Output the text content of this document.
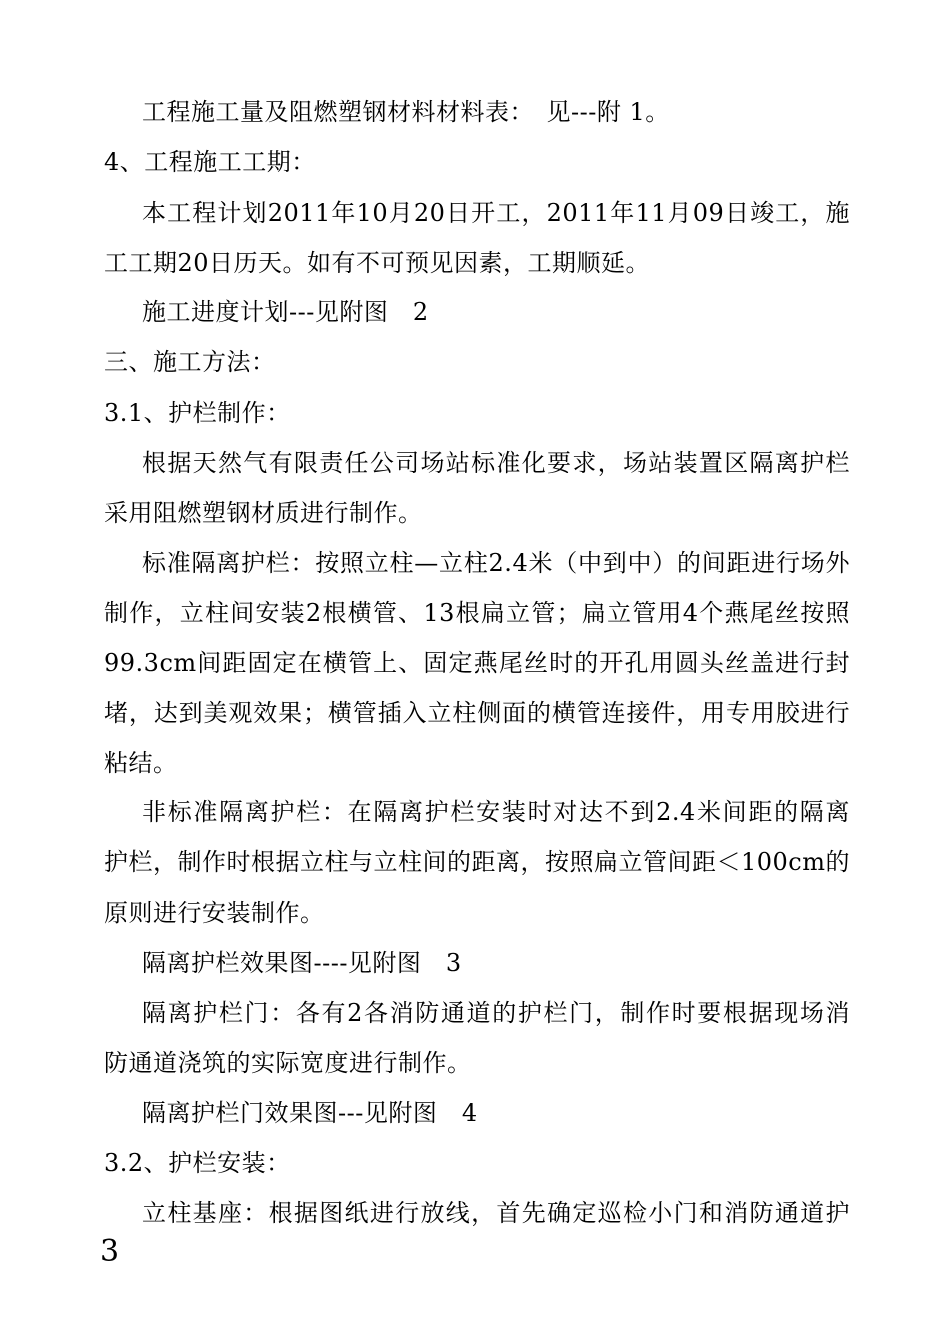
工程施工量及阻燃塑钢材料材料表：　见---附 1。
4、工程施工工期：
本工程计划2011年10月20日开工，2011年11月09日竣工，施
工工期20日历天。如有不可预见因素，工期顺延。
施工进度计划---见附图　2
三、施工方法：
3.1、护栏制作：
根据天然气有限责任公司场站标准化要求，场站装置区隔离护栏
采用阻燃塑钢材质进行制作。
标准隔离护栏：按照立柱—立柱2.4米（中到中）的间距进行场外
制作，立柱间安装2根横管、13根扁立管；扁立管用4个燕尾丝按照
99.3cm间距固定在横管上、固定燕尾丝时的开孔用圆头丝盖进行封
堵，达到美观效果；横管插入立柱侧面的横管连接件，用专用胶进行
粘结。
非标准隔离护栏：在隔离护栏安装时对达不到2.4米间距的隔离
护栏，制作时根据立柱与立柱间的距离，按照扁立管间距＜100cm的
原则进行安装制作。
隔离护栏效果图----见附图　3
隔离护栏门：各有2各消防通道的护栏门，制作时要根据现场消
防通道浇筑的实际宽度进行制作。
隔离护栏门效果图---见附图　4
3.2、护栏安装：
立柱基座：根据图纸进行放线，首先确定巡检小门和消防通道护
3
